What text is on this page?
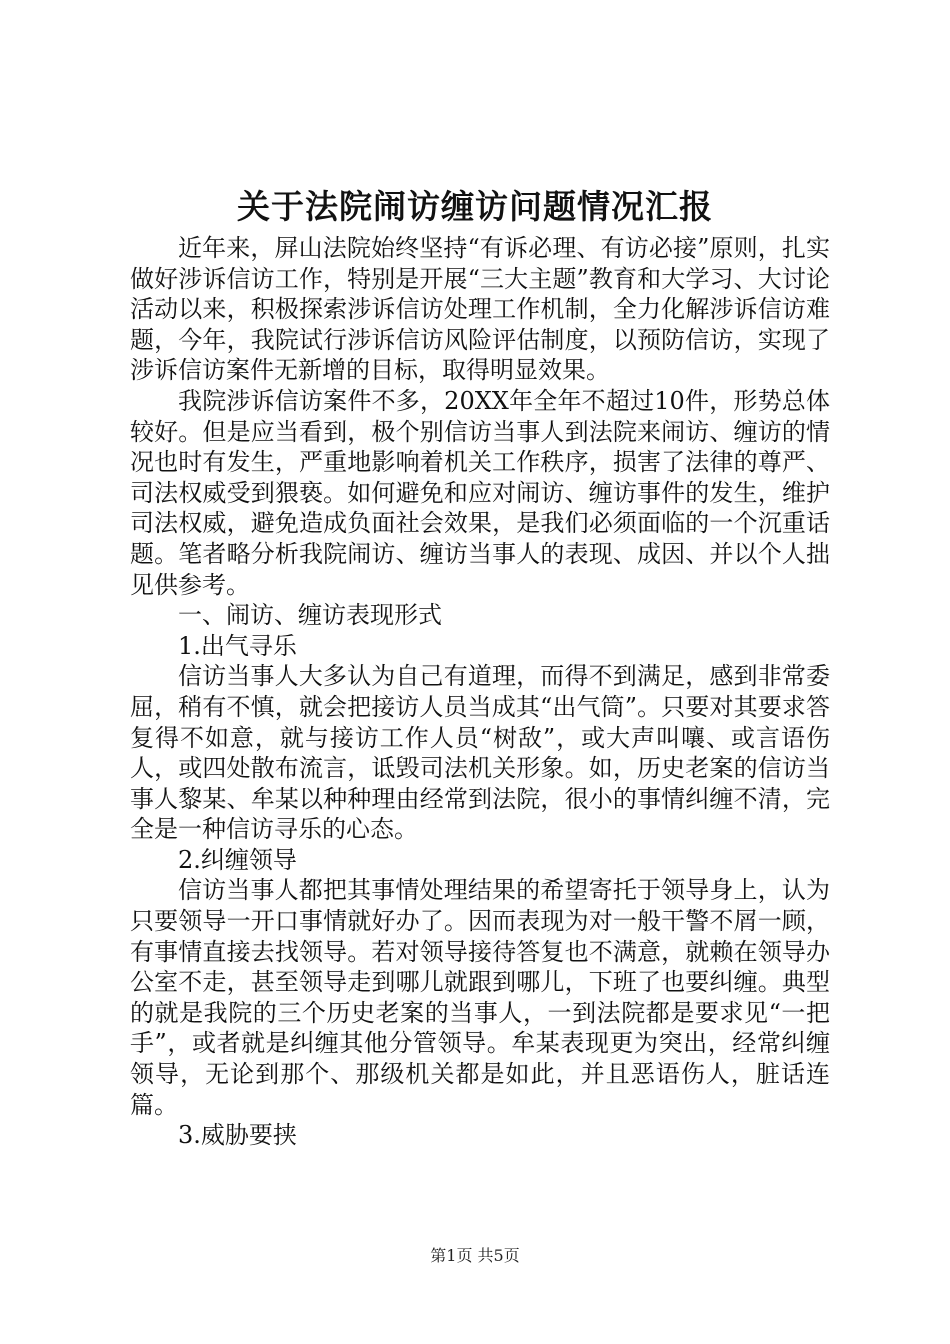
关于法院闹访缠访问题情况汇报

近年来，屏山法院始终坚持“有诉必理、有访必接”原则，扎实做好涉诉信访工作，特别是开展“三大主题”教育和大学习、大讨论活动以来，积极探索涉诉信访处理工作机制，全力化解涉诉信访难题，今年，我院试行涉诉信访风险评估制度，以预防信访，实现了涉诉信访案件无新增的目标，取得明显效果。

我院涉诉信访案件不多，20XX年全年不超过10件，形势总体较好。但是应当看到，极个别信访当事人到法院来闹访、缠访的情况也时有发生，严重地影响着机关工作秩序，损害了法律的尊严、司法权威受到猥亵。如何避免和应对闹访、缠访事件的发生，维护司法权威，避免造成负面社会效果，是我们必须面临的一个沉重话题。笔者略分析我院闹访、缠访当事人的表现、成因、并以个人拙见供参考。

一、闹访、缠访表现形式

1.出气寻乐

信访当事人大多认为自己有道理，而得不到满足，感到非常委屈，稍有不慎，就会把接访人员当成其“出气筒”。只要对其要求答复得不如意，就与接访工作人员“树敌”，或大声叫嚷、或言语伤人，或四处散布流言，诋毁司法机关形象。如，历史老案的信访当事人黎某、牟某以种种理由经常到法院，很小的事情纠缠不清，完全是一种信访寻乐的心态。

2.纠缠领导

信访当事人都把其事情处理结果的希望寄托于领导身上，认为只要领导一开口事情就好办了。因而表现为对一般干警不屑一顾，有事情直接去找领导。若对领导接待答复也不满意，就赖在领导办公室不走，甚至领导走到哪儿就跟到哪儿，下班了也要纠缠。典型的就是我院的三个历史老案的当事人，一到法院都是要求见“一把手”，或者就是纠缠其他分管领导。牟某表现更为突出，经常纠缠领导，无论到那个、那级机关都是如此，并且恶语伤人，脏话连篇。

3.威胁要挟

第1页 共5页
